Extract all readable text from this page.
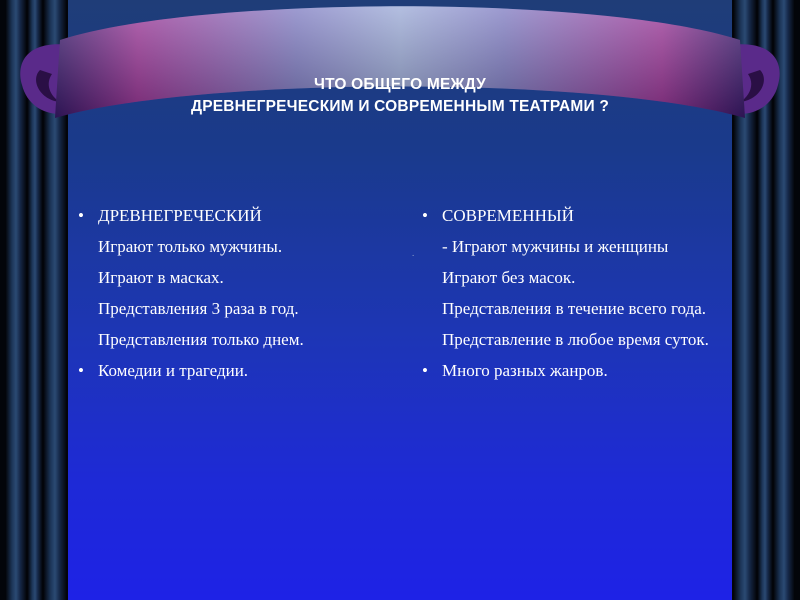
ЧТО ОБЩЕГО МЕЖДУ
ДРЕВНЕГРЕЧЕСКИМ И СОВРЕМЕННЫМ ТЕАТРАМИ ?
• ДРЕВНЕГРЕЧЕСКИЙ
Играют только мужчины.
Играют в масках.
Представления 3 раза в год.
Представления только днем.
• Комедии и трагедии.
• СОВРЕМЕННЫЙ
. - Играют мужчины и женщины
Играют без масок.
Представления в течение всего года.
Представление в любое время суток.
• Много разных жанров.
